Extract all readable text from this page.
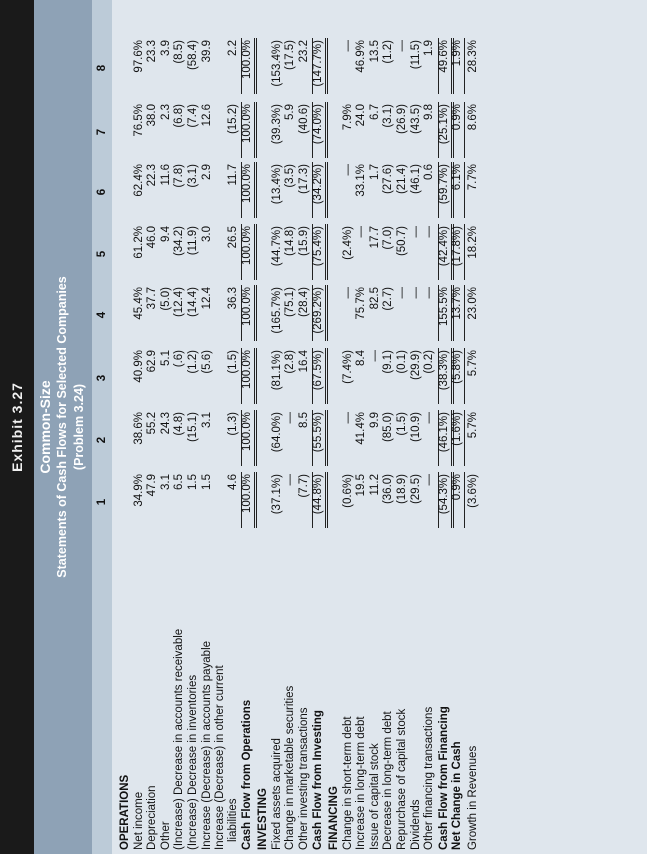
Exhibit 3.27 Common-Size Statements of Cash Flows for Selected Companies (Problem 3.24)
1
2
3
4
5
6
7
8
OPERATIONS Net income
34.9%
38.6%
40.9%
45.4%
61.2%
62.4%
76.5%
97.6%
Depreciation
47.9
55.2
62.9
37.7
46.0
22.3
38.0
23.3
Other
3.1
24.3
5.1
(5.0)
9.4
11.6
2.3
3.9
(Increase) Decrease in accounts receivable
6.5
(4.8)
(.6)
(12.4)
(34.2)
(7.8)
(6.8)
(8.5)
(Increase) Decrease in inventories
1.5
(15.1)
(1.2)
(14.4)
(11.9)
(3.1)
(7.4)
(58.4)
Increase (Decrease) in accounts payable
1.5
3.1
(5.6)
12.4
3.0
2.9
12.6
39.9
Increase (Decrease) in other current liabilities
4.6
(1.3)
(1.5)
36.3
26.5
11.7
(15.2)
2.2
Cash Flow from Operations
100.0%
100.0%
100.0%
100.0%
100.0%
100.0%
100.0%
100.0%
INVESTING Fixed assets acquired
(37.1%)
(64.0%)
(81.1%)
(165.7%)
(44.7%)
(13.4%)
(39.3%)
(153.4%)
Change in marketable securities
—
—
(2.8)
(75.1)
(14.8)
(3.5)
5.9
(17.5)
Other investing transactions
(7.7)
8.5
16.4
(28.4)
(15.9)
(17.3)
(40.6)
23.2
Cash Flow from Investing
(44.8%)
(55.5%)
(67.5%)
(269.2%)
(75.4%)
(34.2%)
(74.0%)
(147.7%)
FINANCING Change in short-term debt
(0.6%)
—
(7.4%)
—
(2.4%)
—
7.9%
—
Increase in long-term debt
19.5
41.4%
8.4
75.7%
—
33.1%
24.0
46.9%
Issue of capital stock
11.2
9.9
—
82.5
17.7
1.7
6.7
13.5
Decrease in long-term debt
(36.0)
(85.0)
(9.1)
(2.7)
(7.0)
(27.6)
(3.1)
(1.2)
Repurchase of capital stock
(18.9)
(1.5)
(0.1)
—
(50.7)
(21.4)
(26.9)
—
Dividends
(29.5)
(10.9)
(29.9)
—
—
(46.1)
(43.5)
(11.5)
Other financing transactions
—
—
(0.2)
—
—
0.6
9.8
1.9
Cash Flow from Financing
(54.3%)
(46.1%)
(38.3%)
155.5%
(42.4%)
(59.7%)
(25.1%)
49.6%
Net Change in Cash
0.9%
(1.6%)
(5.8%)
13.7%
(17.8%)
6.1%
0.9%
1.9%
Growth in Revenues
(3.6%)
5.7%
5.7%
23.0%
18.2%
7.7%
8.6%
28.3%
